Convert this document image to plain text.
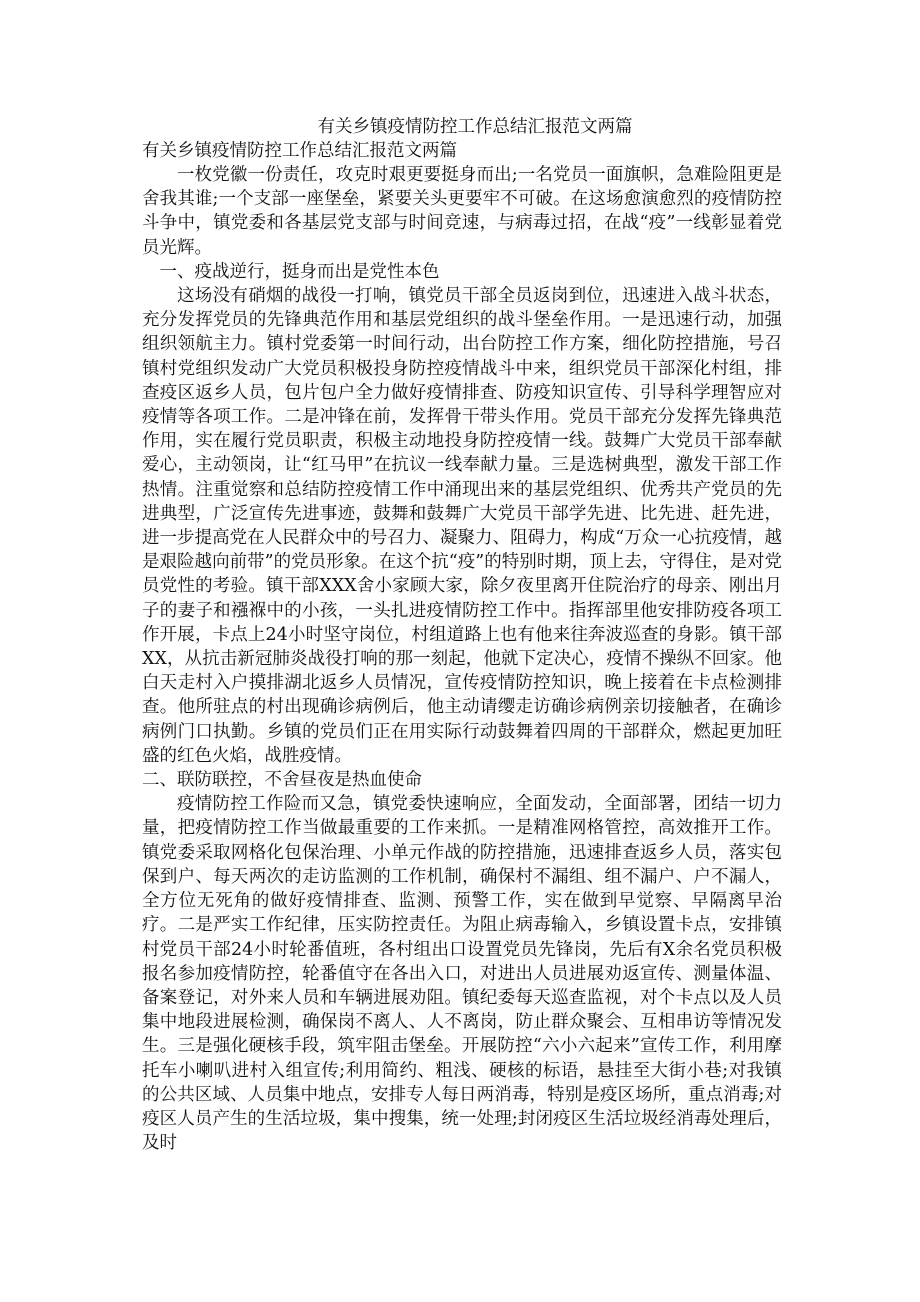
有关乡镇疫情防控工作总结汇报范文两篇

有关乡镇疫情防控工作总结汇报范文两篇

一枚党徽一份责任，攻克时艰更要挺身而出;一名党员一面旗帜，急难险阻更是舍我其谁;一个支部一座堡垒，紧要关头更要牢不可破。在这场愈演愈烈的疫情防控斗争中，镇党委和各基层党支部与时间竞速，与病毒过招，在战“疫”一线彰显着党员光辉。

一、疫战逆行，挺身而出是党性本色

这场没有硝烟的战役一打响，镇党员干部全员返岗到位，迅速进入战斗状态，充分发挥党员的先锋典范作用和基层党组织的战斗堡垒作用。一是迅速行动，加强组织领航主力。镇村党委第一时间行动，出台防控工作方案，细化防控措施，号召镇村党组织发动广大党员积极投身防控疫情战斗中来，组织党员干部深化村组，排查疫区返乡人员，包片包户全力做好疫情排查、防疫知识宣传、引导科学理智应对疫情等各项工作。二是冲锋在前，发挥骨干带头作用。党员干部充分发挥先锋典范作用，实在履行党员职责，积极主动地投身防控疫情一线。鼓舞广大党员干部奉献爱心，主动领岗，让“红马甲”在抗议一线奉献力量。三是选树典型，激发干部工作热情。注重觉察和总结防控疫情工作中涌现出来的基层党组织、优秀共产党员的先进典型，广泛宣传先进事迹，鼓舞和鼓舞广大党员干部学先进、比先进、赶先进，进一步提高党在人民群众中的号召力、凝聚力、阻碍力，构成“万众一心抗疫情，越是艰险越向前带”的党员形象。在这个抗“疫”的特别时期，顶上去，守得住，是对党员党性的考验。镇干部XXX舍小家顾大家，除夕夜里离开住院治疗的母亲、刚出月子的妻子和襁褓中的小孩，一头扎进疫情防控工作中。指挥部里他安排防疫各项工作开展，卡点上24小时坚守岗位，村组道路上也有他来往奔波巡查的身影。镇干部XX，从抗击新冠肺炎战役打响的那一刻起，他就下定决心，疫情不操纵不回家。他白天走村入户摸排湖北返乡人员情况，宣传疫情防控知识，晚上接着在卡点检测排查。他所驻点的村出现确诊病例后，他主动请缨走访确诊病例亲切接触者，在确诊病例门口执勤。乡镇的党员们正在用实际行动鼓舞着四周的干部群众，燃起更加旺盛的红色火焰，战胜疫情。

二、联防联控，不舍昼夜是热血使命

疫情防控工作险而又急，镇党委快速响应，全面发动，全面部署，团结一切力量，把疫情防控工作当做最重要的工作来抓。一是精准网格管控，高效推开工作。镇党委采取网格化包保治理、小单元作战的防控措施，迅速排查返乡人员，落实包保到户、每天两次的走访监测的工作机制，确保村不漏组、组不漏户、户不漏人，全方位无死角的做好疫情排查、监测、预警工作，实在做到早觉察、早隔离早治疗。二是严实工作纪律，压实防控责任。为阻止病毒输入，乡镇设置卡点，安排镇村党员干部24小时轮番值班，各村组出口设置党员先锋岗，先后有X余名党员积极报名参加疫情防控，轮番值守在各出入口，对进出人员进展劝返宣传、测量体温、备案登记，对外来人员和车辆进展劝阻。镇纪委每天巡查监视，对个卡点以及人员集中地段进展检测，确保岗不离人、人不离岗，防止群众聚会、互相串访等情况发生。三是强化硬核手段，筑牢阻击堡垒。开展防控“六小六起来”宣传工作，利用摩托车小喇叭进村入组宣传;利用简约、粗浅、硬核的标语，悬挂至大街小巷;对我镇的公共区域、人员集中地点，安排专人每日两消毒，特别是疫区场所，重点消毒;对疫区人员产生的生活垃圾，集中搜集，统一处理;封闭疫区生活垃圾经消毒处理后，及时
